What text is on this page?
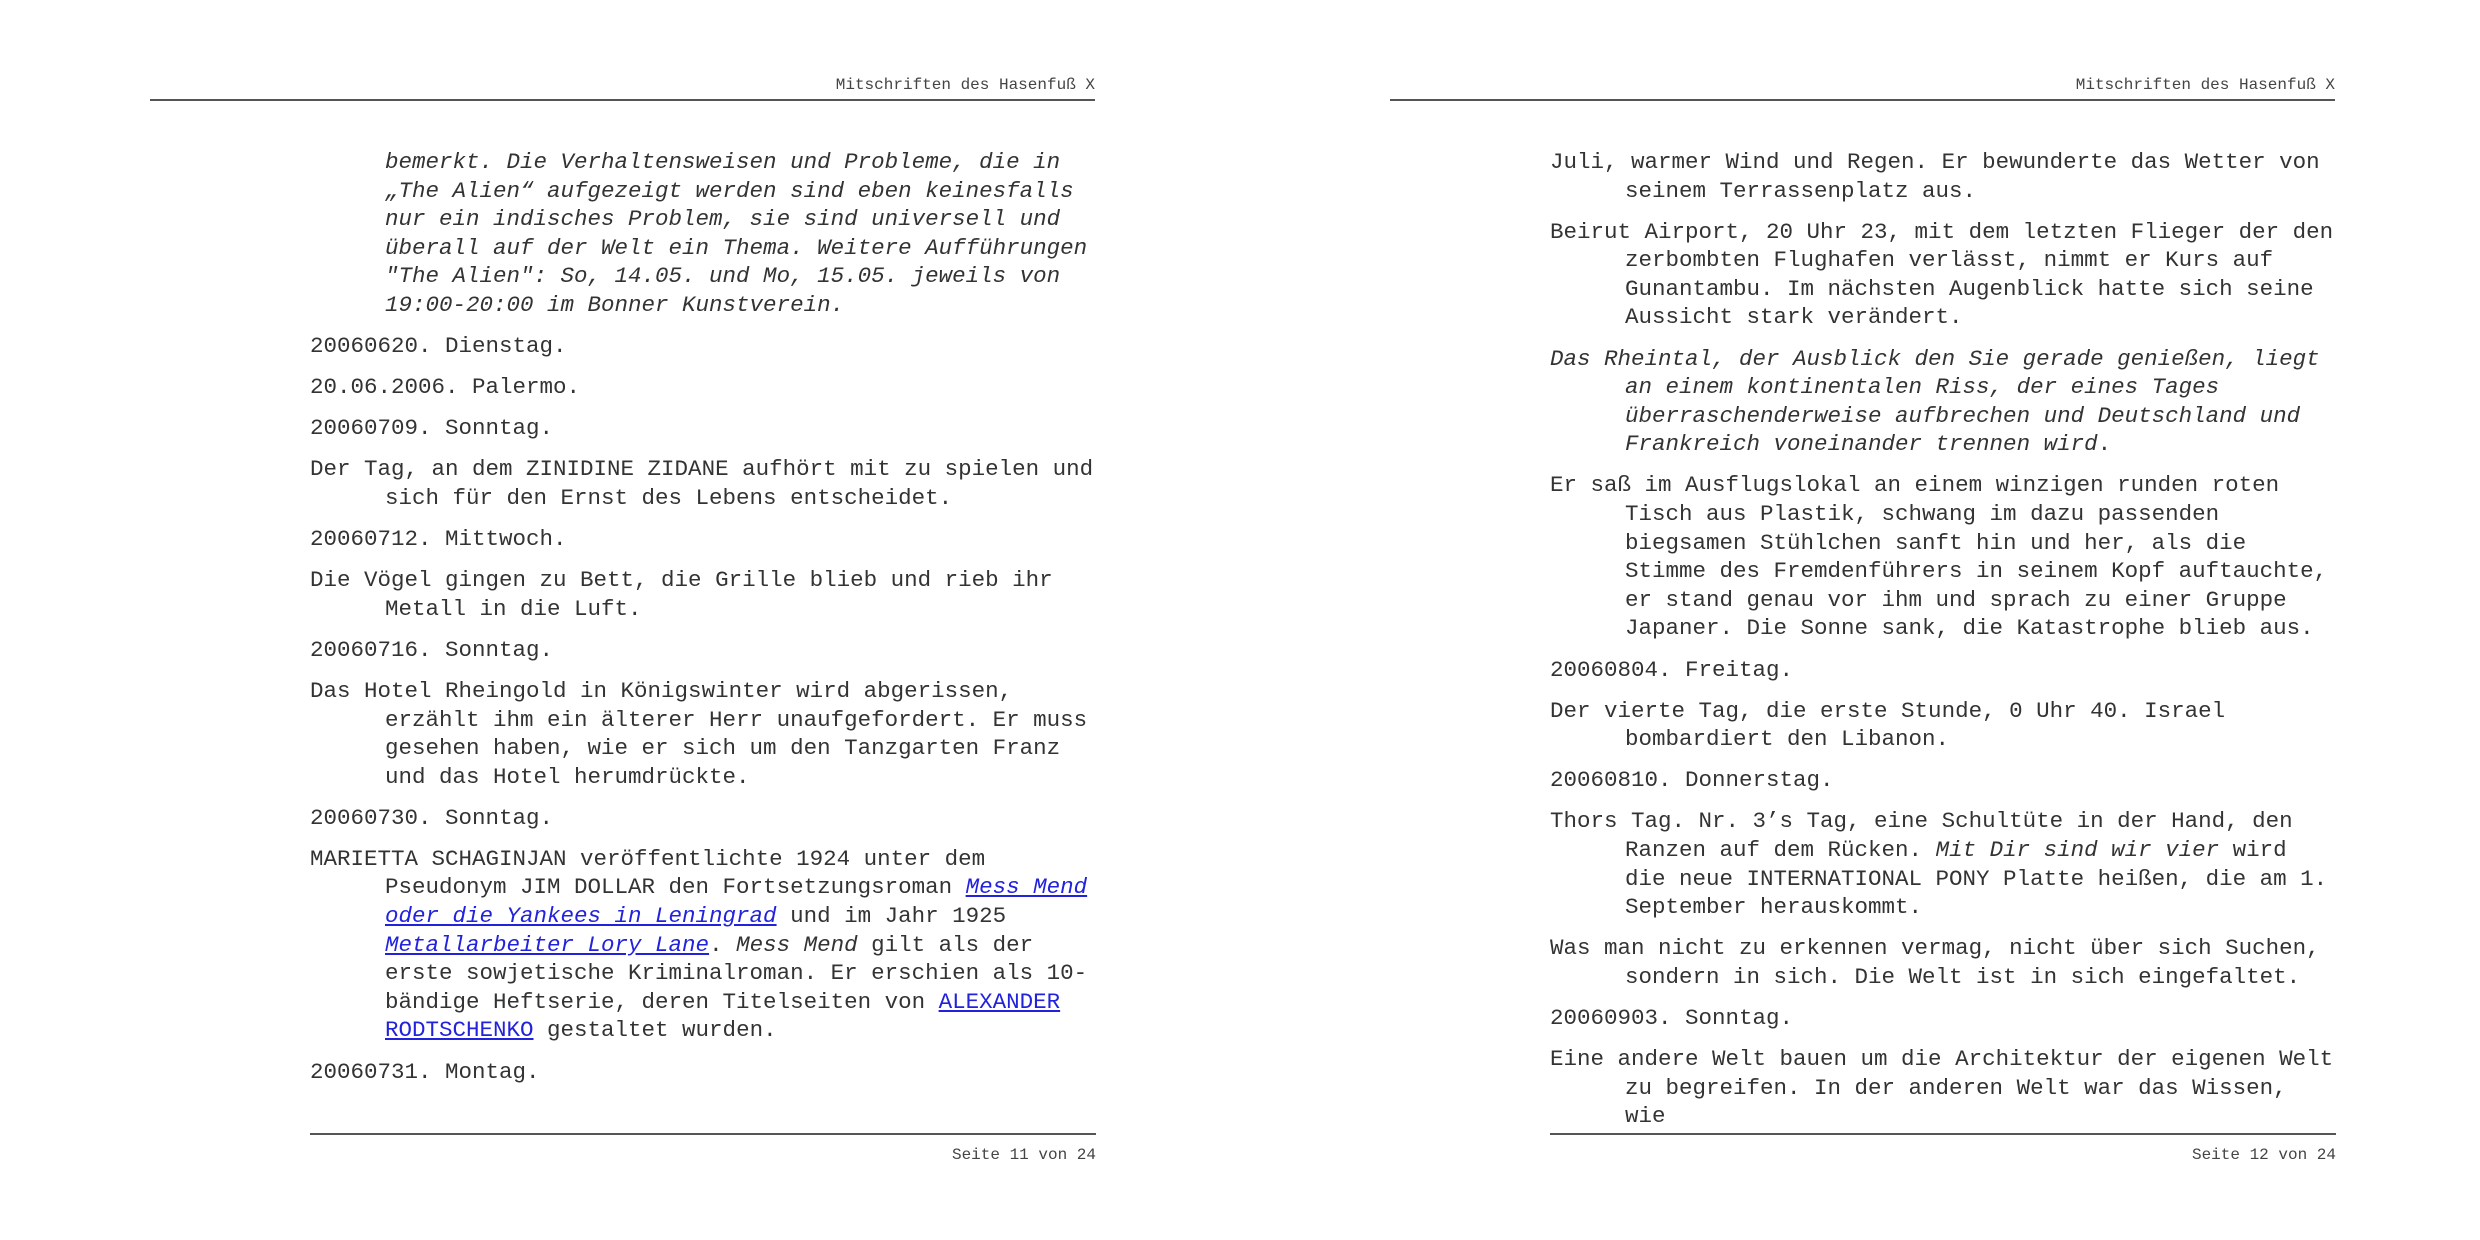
Mitschriften des Hasenfuß X

bemerkt. Die Verhaltensweisen und Probleme, die in „The Alien“ aufgezeigt werden sind eben keinesfalls nur ein indisches Problem, sie sind universell und überall auf der Welt ein Thema. Weitere Aufführungen "The Alien": So, 14.05. und Mo, 15.05. jeweils von 19:00-20:00 im Bonner Kunstverein.

20060620. Dienstag.

20.06.2006. Palermo.

20060709. Sonntag.

Der Tag, an dem ZINIDINE ZIDANE aufhört mit zu spielen und sich für den Ernst des Lebens entscheidet.

20060712. Mittwoch.

Die Vögel gingen zu Bett, die Grille blieb und rieb ihr Metall in die Luft.

20060716. Sonntag.

Das Hotel Rheingold in Königswinter wird abgerissen, erzählt ihm ein älterer Herr unaufgefordert. Er muss gesehen haben, wie er sich um den Tanzgarten Franz und das Hotel herumdrückte.

20060730. Sonntag.

MARIETTA SCHAGINJAN veröffentlichte 1924 unter dem Pseudonym JIM DOLLAR den Fortsetzungsroman Mess Mend oder die Yankees in Leningrad und im Jahr 1925 Metallarbeiter Lory Lane. Mess Mend gilt als der erste sowjetische Kriminalroman. Er erschien als 10-bändige Heftserie, deren Titelseiten von ALEXANDER RODTSCHENKO gestaltet wurden.

20060731. Montag.

Seite 11 von 24
Mitschriften des Hasenfuß X

Juli, warmer Wind und Regen. Er bewunderte das Wetter von seinem Terrassenplatz aus.

Beirut Airport, 20 Uhr 23, mit dem letzten Flieger der den zerbombten Flughafen verlässt, nimmt er Kurs auf Gunantambu. Im nächsten Augenblick hatte sich seine Aussicht stark verändert.

Das Rheintal, der Ausblick den Sie gerade genießen, liegt an einem kontinentalen Riss, der eines Tages überraschenderweise aufbrechen und Deutschland und Frankreich voneinander trennen wird.

Er saß im Ausflugslokal an einem winzigen runden roten Tisch aus Plastik, schwang im dazu passenden biegsamen Stühlchen sanft hin und her, als die Stimme des Fremdenführers in seinem Kopf auftauchte, er stand genau vor ihm und sprach zu einer Gruppe Japaner. Die Sonne sank, die Katastrophe blieb aus.

20060804. Freitag.

Der vierte Tag, die erste Stunde, 0 Uhr 40. Israel bombardiert den Libanon.

20060810. Donnerstag.

Thors Tag. Nr. 3’s Tag, eine Schultüte in der Hand, den Ranzen auf dem Rücken. Mit Dir sind wir vier wird die neue INTERNATIONAL PONY Platte heißen, die am 1. September herauskommt.

Was man nicht zu erkennen vermag, nicht über sich Suchen, sondern in sich. Die Welt ist in sich eingefaltet.

20060903. Sonntag.

Eine andere Welt bauen um die Architektur der eigenen Welt zu begreifen. In der anderen Welt war das Wissen, wie

Seite 12 von 24
